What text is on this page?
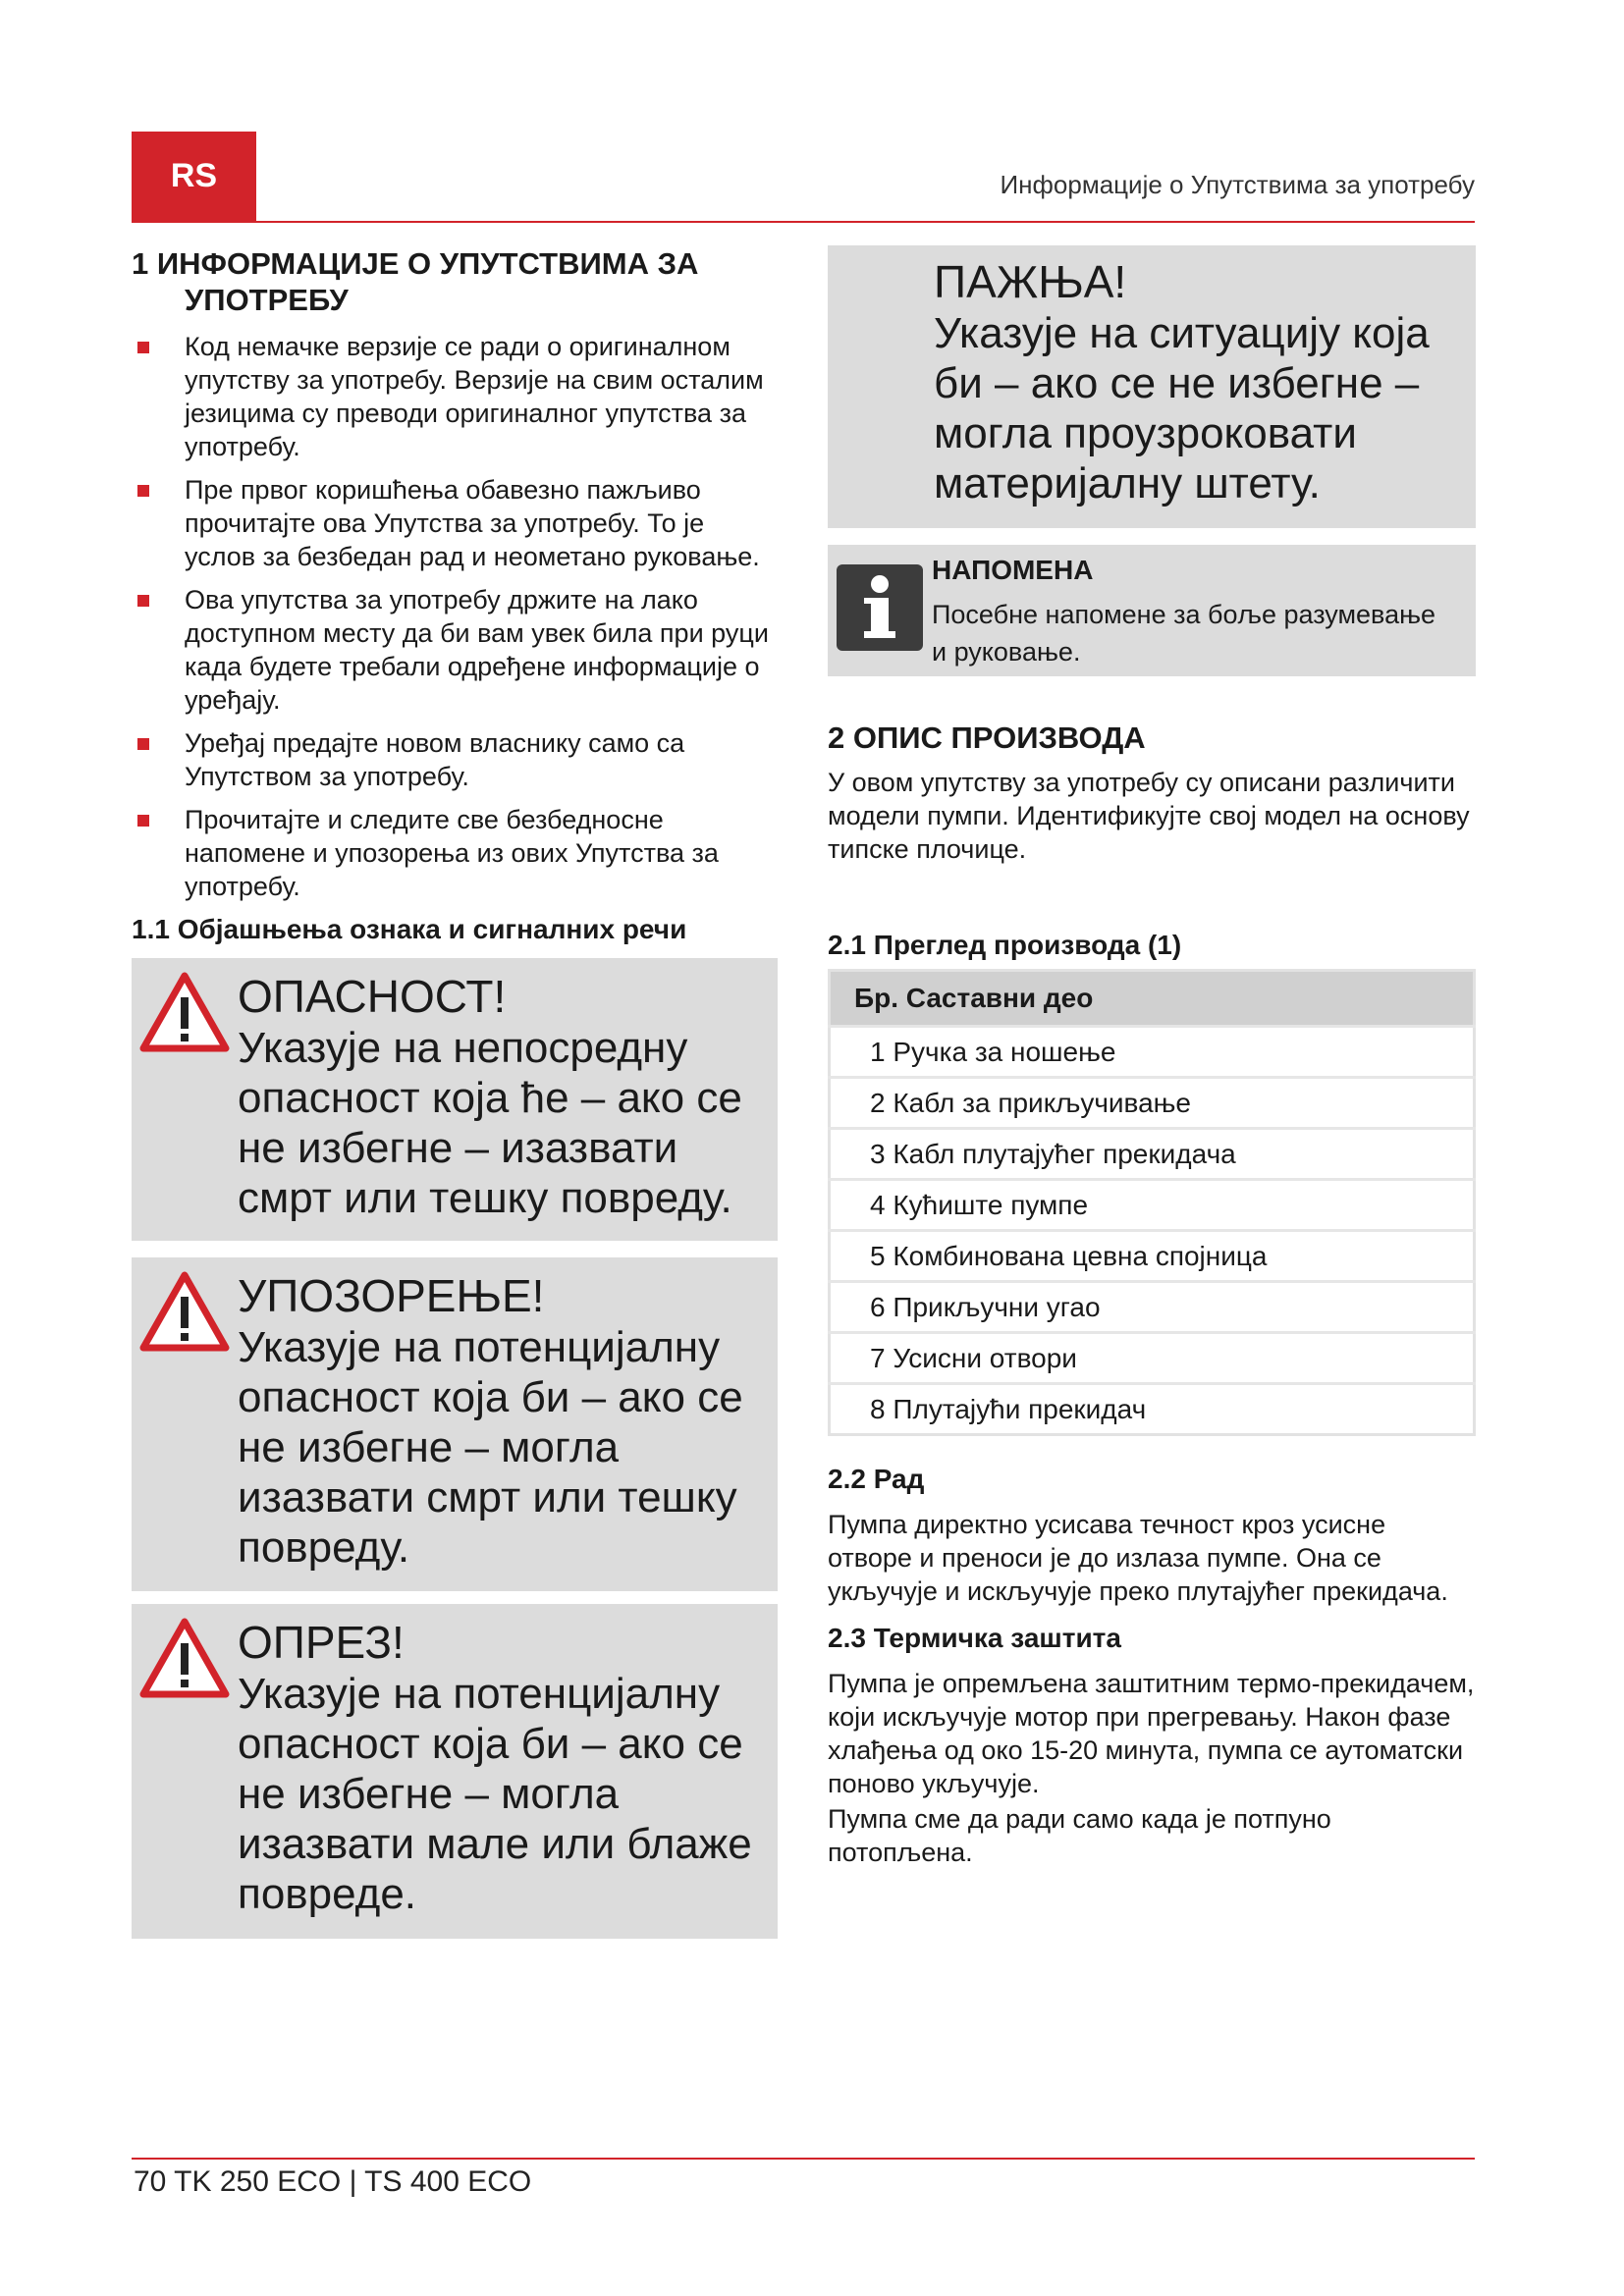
RS	Информације о Упутствима за употребу
1 ИНФОРМАЦИЈЕ О УПУТСТВИМА ЗА УПОТРЕБУ
Код немачке верзије се ради о оригиналном упутству за употребу. Верзије на свим осталим језицима су преводи оригиналног упутства за употребу.
Пре првог коришћења обавезно пажљиво прочитајте ова Упутства за употребу. То је услов за безбедан рад и неометано руковање.
Ова упутства за употребу држите на лако доступном месту да би вам увек била при руци када будете требали одређене информације о уређају.
Уређај предајте новом власнику само са Упутством за употребу.
Прочитајте и следите све безбедносне напомене и упозорења из ових Упутства за употребу.
1.1 Објашњења ознака и сигналних речи

ОПАСНОСТ!

Указује на непосредну опасност која ће – ако се не избегне – изазвати смрт или тешку повреду.

УПОЗОРЕЊЕ!

Указује на потенцијалну опасност која би – ако се не избегне – могла изазвати смрт или тешку повреду.

ОПРЕЗ!

Указује на потенцијалну опасност која би – ако се не избегне – могла изазвати мале или блаже повреде.

ПАЖЊА!

Указује на ситуацију која би – ако се не избегне – могла проузроковати материјалну штету.

НАПОМЕНА
Посебне напомене за боље разумевање и руковање.
2 ОПИС ПРОИЗВОДА

У овом упутству за употребу су описани различити модели пумпи. Идентификујте свој модел на основу типске плочице.

2.1 Преглед производа (1)
Бр. Саставни део
1 Ручка за ношење
2 Кабл за прикључивање
3 Кабл плутајућег прекидача
4 Кућиште пумпе
5 Комбинована цевна спојница
6 Прикључни угао
7 Усисни отвори
8 Плутајући прекидач
2.2 Рад

Пумпа директно усисава течност кроз усисне отворе и преноси је до излаза пумпе. Она се укључује и искључује преко плутајућег прекидача.

2.3 Термичка заштита

Пумпа је опремљена заштитним термо-прекидачем, који искључује мотор при прегревању. Након фазе хлађења од око 15-20 минута, пумпа се аутоматски поново укључује.

Пумпа сме да ради само када је потпуно потопљена.

70 TK 250 ECO | TS 400 ECO
